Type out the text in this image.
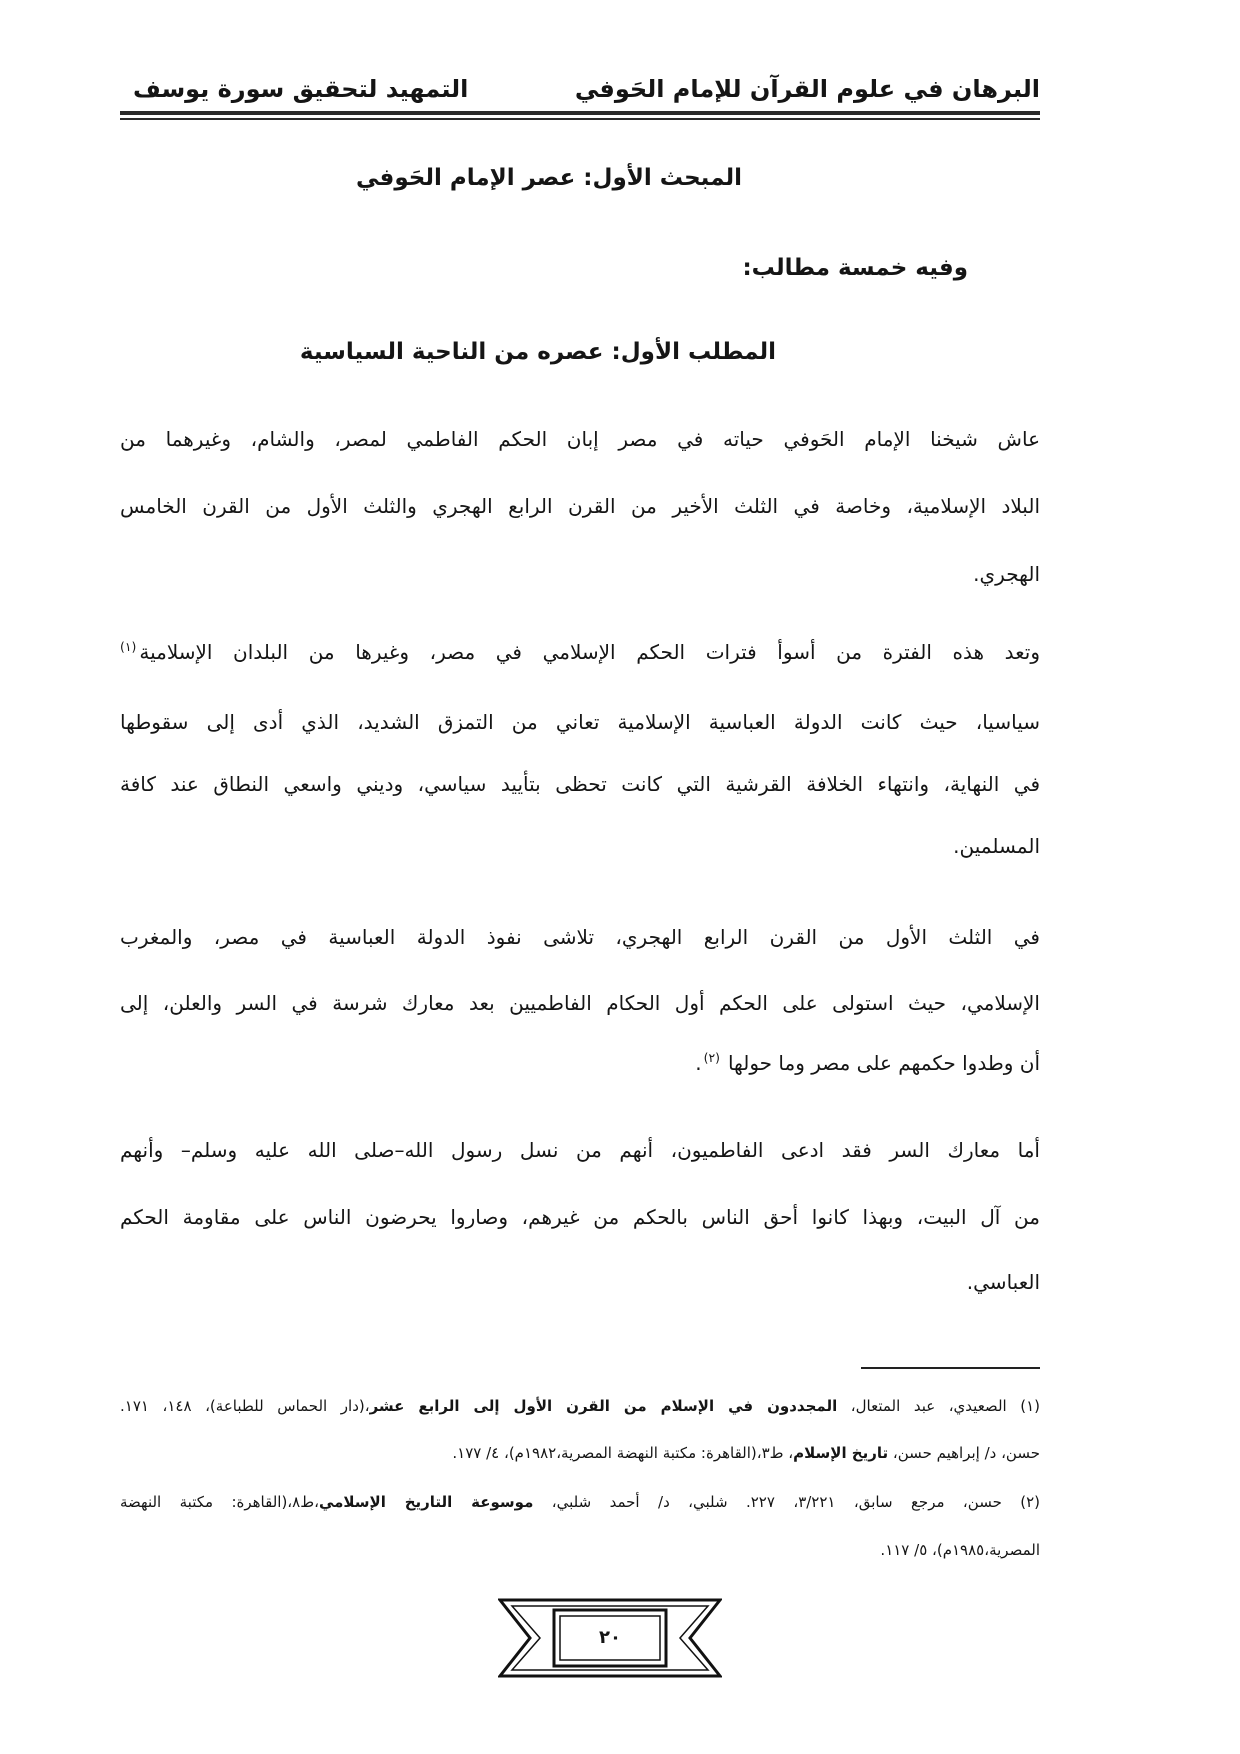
البرهان في علوم القرآن للإمام الحَوفي
التمهيد لتحقيق سورة يوسف
المبحث الأول: عصر الإمام الحَوفي
وفيه خمسة مطالب:
المطلب الأول: عصره من الناحية السياسية
عاش شيخنا الإمام الحَوفي حياته في مصر إبان الحكم الفاطمي لمصر، والشام، وغيرهما من
البلاد الإسلامية، وخاصة في الثلث الأخير من القرن الرابع الهجري والثلث الأول من القرن الخامس
الهجري.
وتعد هذه الفترة من أسوأ فترات الحكم الإسلامي في مصر، وغيرها من البلدان الإسلامية$^{(١)}$
سياسيا، حيث كانت الدولة العباسية الإسلامية تعاني من التمزق الشديد، الذي أدى إلى سقوطها
في النهاية، وانتهاء الخلافة القرشية التي كانت تحظى بتأييد سياسي، وديني واسعي النطاق عند كافة
المسلمين.
في الثلث الأول من القرن الرابع الهجري، تلاشى نفوذ الدولة العباسية في مصر، والمغرب
الإسلامي، حيث استولى على الحكم أول الحكام الفاطميين بعد معارك شرسة في السر والعلن، إلى
أن وطدوا حكمهم على مصر وما حولها$^{(٢)}$.
أما معارك السر فقد ادعى الفاطميون، أنهم من نسل رسول الله–صلى الله عليه وسلم– وأنهم
من آل البيت، وبهذا كانوا أحق الناس بالحكم من غيرهم، وصاروا يحرضون الناس على مقاومة الحكم
العباسي.
(١) الصعيدي، عبد المتعال، المجددون في الإسلام من القرن الأول إلى الرابع عشر،(دار الحماس للطباعة)، ١٤٨، ١٧١.
حسن، د/ إبراهيم حسن، تاريخ الإسلام، ط٣،(القاهرة: مكتبة النهضة المصرية،١٩٨٢م)، ٤/ ١٧٧.
(٢) حسن، مرجع سابق، ٣/٢٢١، ٢٢٧. شلبي، د/ أحمد شلبي، موسوعة التاريخ الإسلامي،ط٨،(القاهرة: مكتبة النهضة
المصرية،١٩٨٥م)، ٥/ ١١٧.
٢٠
